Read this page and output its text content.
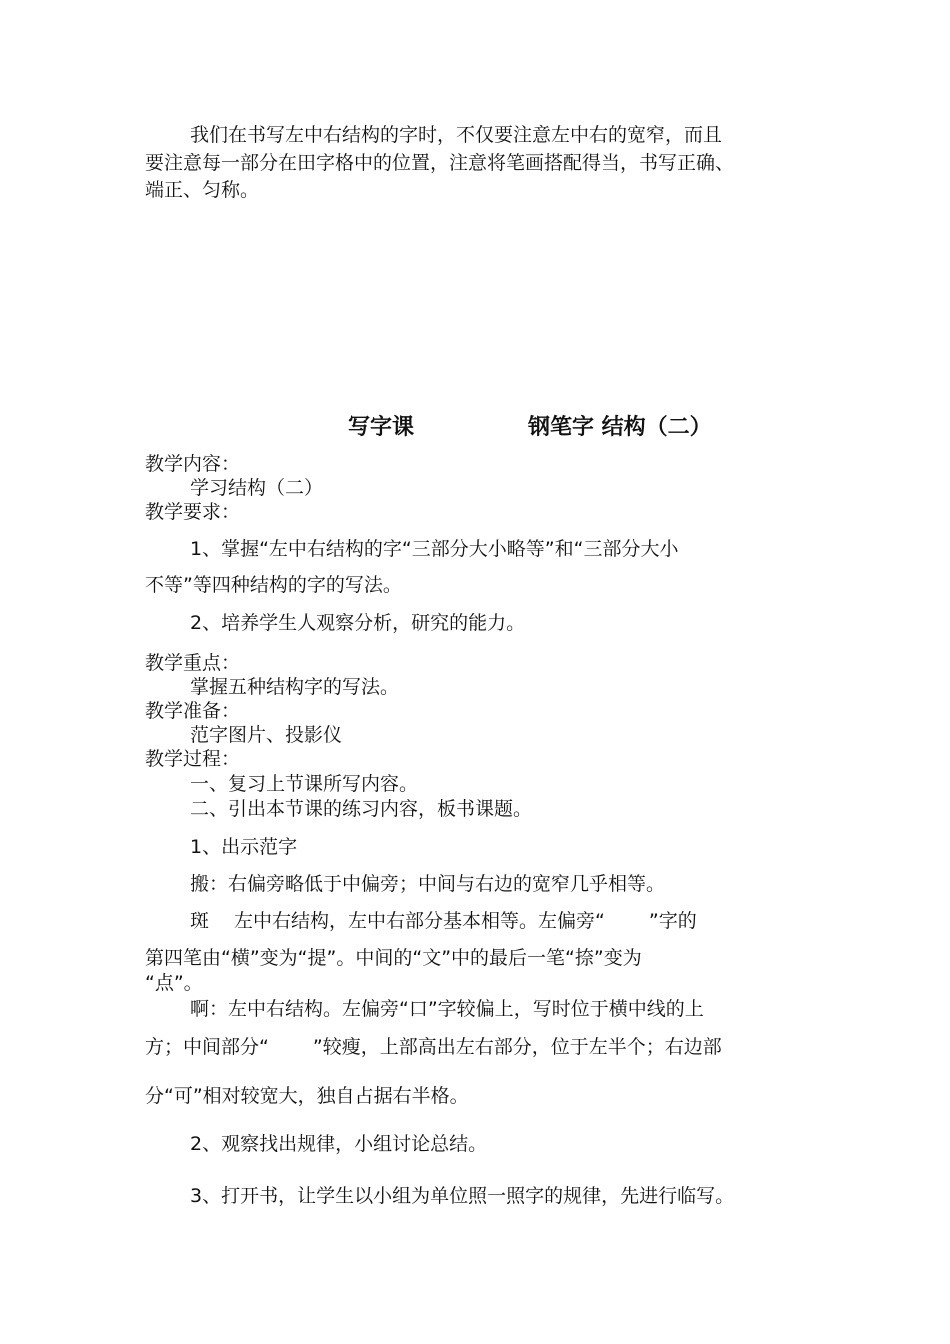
我们在书写左中右结构的字时，不仅要注意左中右的宽窄，而且
要注意每一部分在田字格中的位置，注意将笔画搭配得当，书写正确、
端正、匀称。
写字课	钢笔字 结构（二）
教学内容：
学习结构（二）
教学要求：
1、掌握“左中右结构的字“三部分大小略等”和“三部分大小
不等”等四种结构的字的写法。
2、培养学生人观察分析，研究的能力。
教学重点：
掌握五种结构字的写法。
教学准备：
范字图片、投影仪
教学过程：
一、复习上节课所写内容。
二、引出本节课的练习内容，板书课题。
1、出示范字
搬：右偏旁略低于中偏旁；中间与右边的宽窄几乎相等。
斑　 左中右结构，左中右部分基本相等。左偏旁“　　 ”字的
第四笔由“横”变为“提”。中间的“文”中的最后一笔“捺”变为
“点”。
啊：左中右结构。左偏旁“口”字较偏上，写时位于横中线的上
方；中间部分“　　 ”较瘦，上部高出左右部分，位于左半个；右边部
分“可”相对较宽大，独自占据右半格。
2、观察找出规律，小组讨论总结。
3、打开书，让学生以小组为单位照一照字的规律，先进行临写。
